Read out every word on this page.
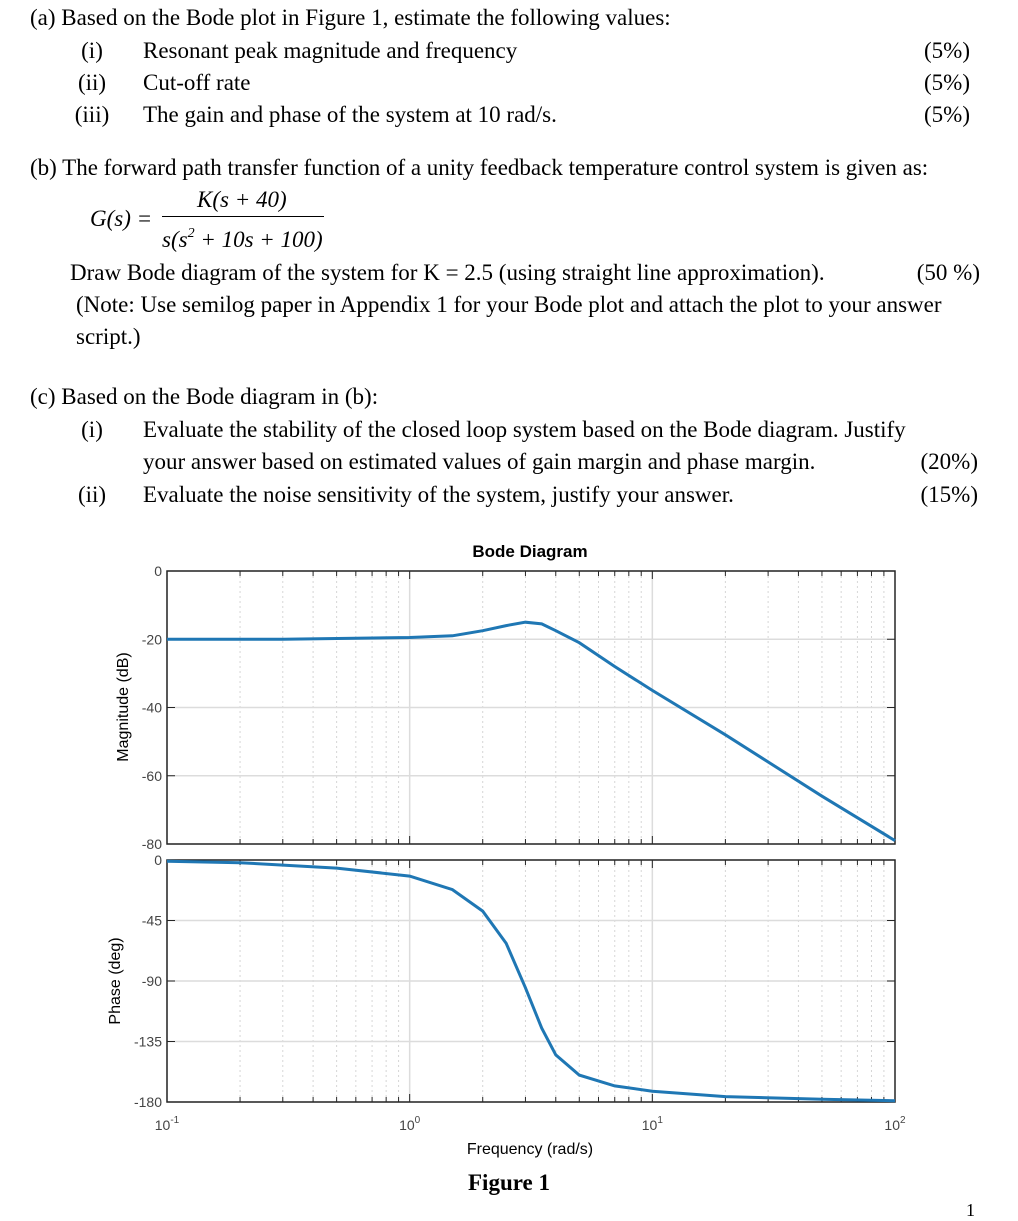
(a) Based on the Bode plot in Figure 1, estimate the following values:
(i)	Resonant peak magnitude and frequency	(5%)
(ii)	Cut-off rate	(5%)
(iii)	The gain and phase of the system at 10 rad/s.	(5%)
(b) The forward path transfer function of a unity feedback temperature control system is given as:
G(s) =
K(s + 40)
$s(s^2 + 10s + 100)$
Draw Bode diagram of the system for K = 2.5 (using straight line approximation).	(50 %)
(Note: Use semilog paper in Appendix 1 for your Bode plot and attach the plot to your answer
script.)
(c) Based on the Bode diagram in (b):
(i)	Evaluate the stability of the closed loop system based on the Bode diagram. Justify
your answer based on estimated values of gain margin and phase margin.	(20%)
(ii)	Evaluate the noise sensitivity of the system, justify your answer.	(15%)
Bode Diagram
0
-20
-40
-60
-80
0
-45
-90
-135
-180
$10^{-1}$	$10^0$	$10^1$	$10^2$
Magnitude (dB)
Phase (deg)
Frequency (rad/s)
Figure 1
1
